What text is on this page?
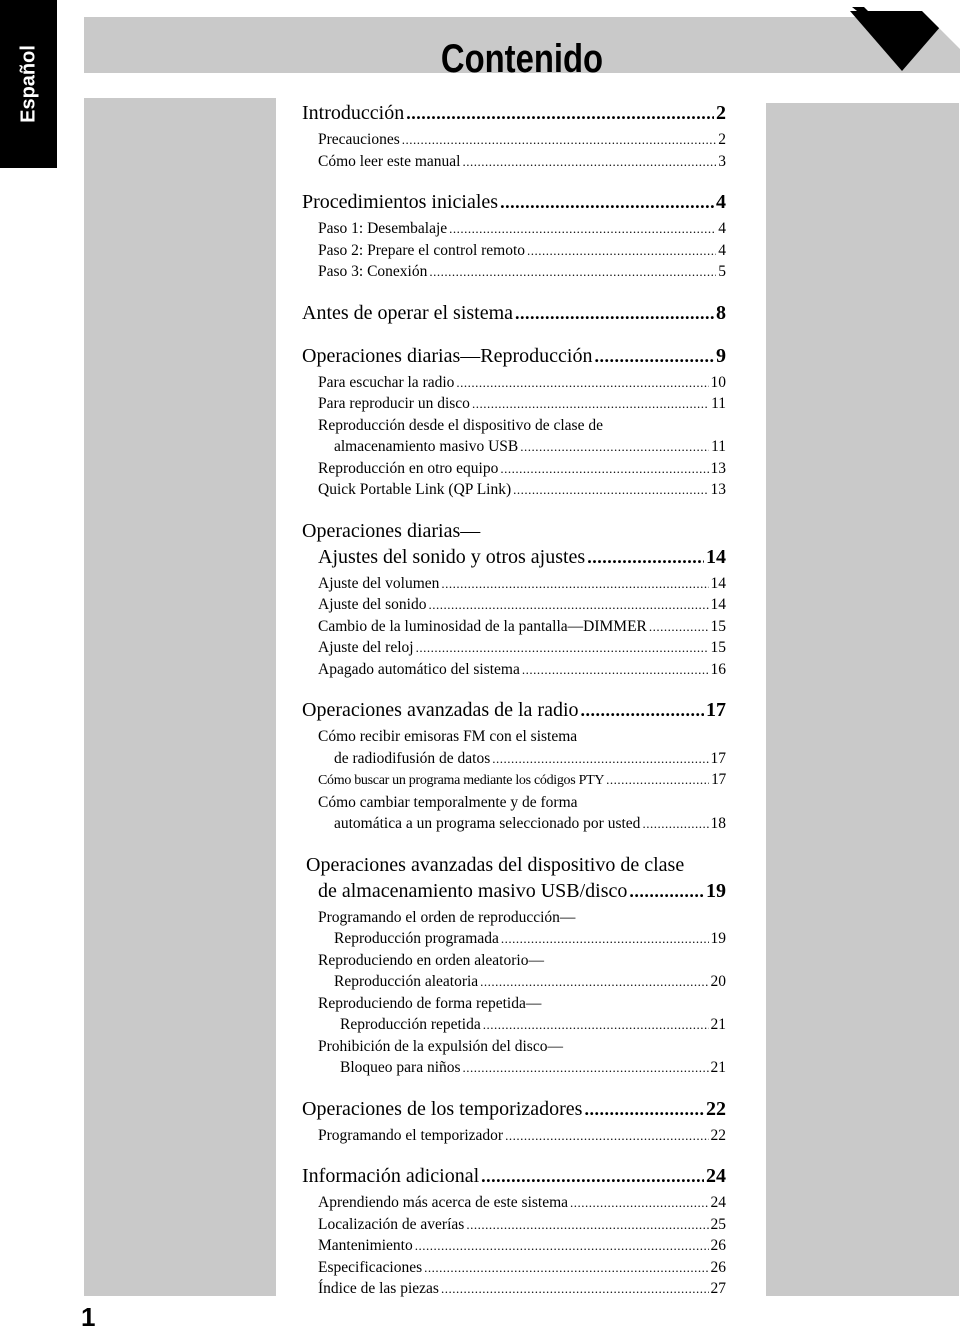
Español	Contenido
Introducción .....	2
Precauciones .....	2
Cómo leer este manual .....	3
Procedimientos iniciales .....	4
Paso 1: Desembalaje .....	4
Paso 2: Prepare el control remoto .....	4
Paso 3: Conexión .....	5
Antes de operar el sistema .....	8
Operaciones diarias—Reproducción .....	9
Para escuchar la radio .....	10
Para reproducir un disco .....	11
Reproducción desde el dispositivo de clase de
almacenamiento masivo USB .....	11
Reproducción en otro equipo .....	13
Quick Portable Link (QP Link) .....	13
Operaciones diarias—
Ajustes del sonido y otros ajustes .....	14
Ajuste del volumen .....	14
Ajuste del sonido .....	14
Cambio de la luminosidad de la pantalla—DIMMER .....	15
Ajuste del reloj .....	15
Apagado automático del sistema .....	16
Operaciones avanzadas de la radio .....	17
Cómo recibir emisoras FM con el sistema
de radiodifusión de datos .....	17
Cómo buscar un programa mediante los códigos PTY .....	17
Cómo cambiar temporalmente y de forma
automática a un programa seleccionado por usted .....	18
Operaciones avanzadas del dispositivo de clase
de almacenamiento masivo USB/disco .....	19
Programando el orden de reproducción—
Reproducción programada .....	19
Reproduciendo en orden aleatorio—
Reproducción aleatoria .....	20
Reproduciendo de forma repetida—
Reproducción repetida .....	21
Prohibición de la expulsión del disco—
Bloqueo para niños .....	21
Operaciones de los temporizadores .....	22
Programando el temporizador .....	22
Información adicional .....	24
Aprendiendo más acerca de este sistema .....	24
Localización de averías .....	25
Mantenimiento .....	26
Especificaciones .....	26
Índice de las piezas .....	27
1
